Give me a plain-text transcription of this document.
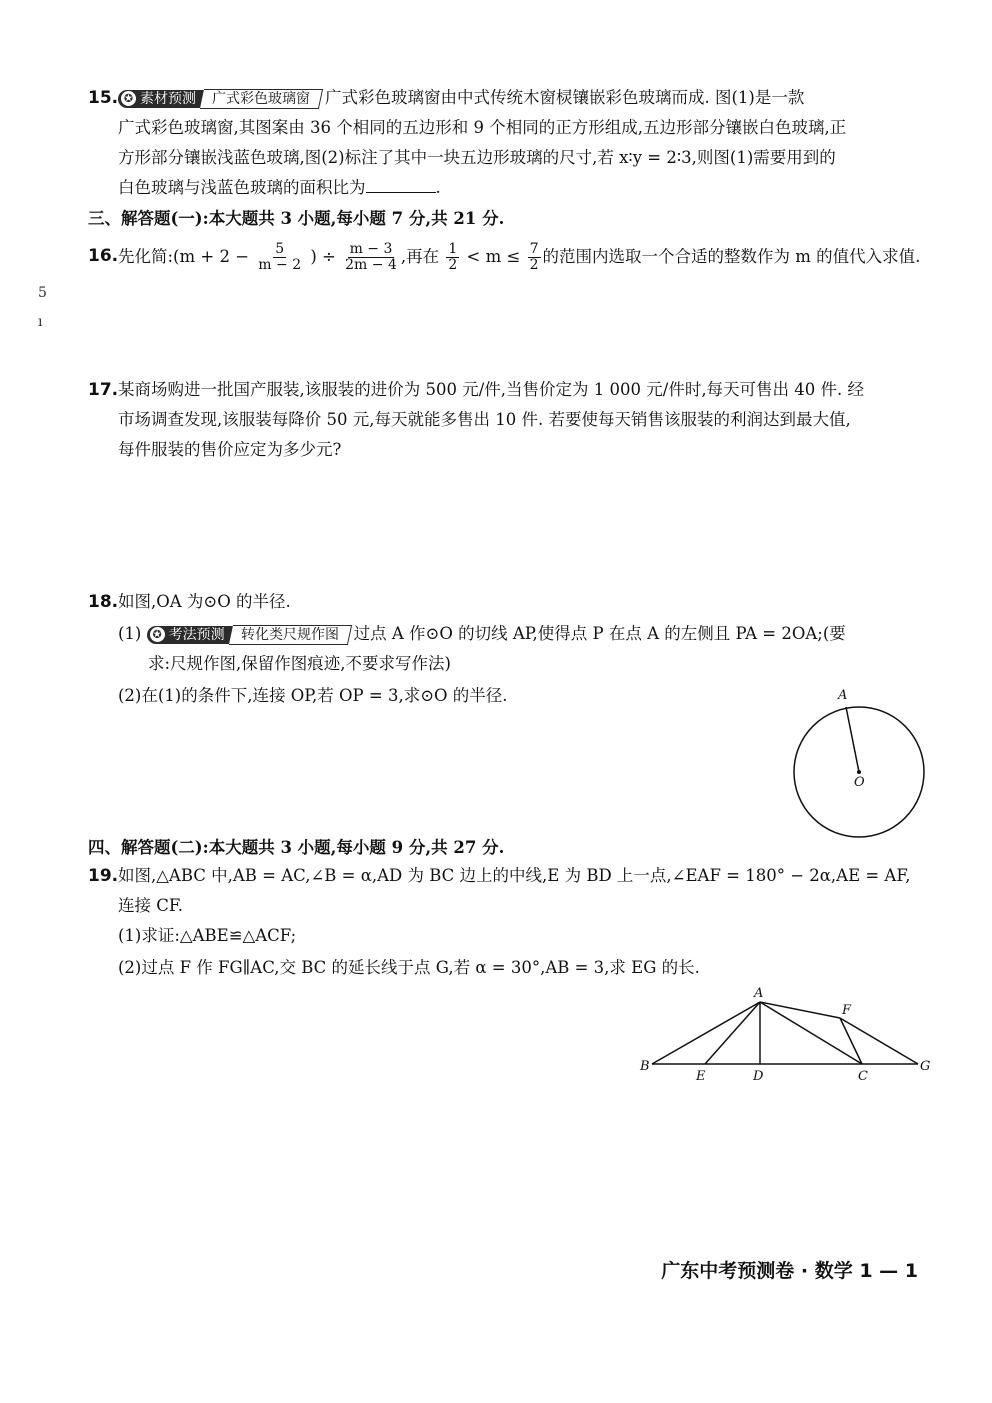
15. ✪ 素材预测 广式彩色玻璃窗 广式彩色玻璃窗由中式传统木窗棂镶嵌彩色玻璃而成. 图(1)是一款
广式彩色玻璃窗,其图案由 36 个相同的五边形和 9 个相同的正方形组成,五边形部分镶嵌白色玻璃,正
方形部分镶嵌浅蓝色玻璃,图(2)标注了其中一块五边形玻璃的尺寸,若 x∶y = 2∶3,则图(1)需要用到的
白色玻璃与浅蓝色玻璃的面积比为	.
三、解答题(一):本大题共 3 小题,每小题 7 分,共 21 分.
16. 先化简:(m + $2 - \frac{5}{m - 2}$ ) ÷ $\frac{m - 3}{2m - 4}$ ,再在 $\frac{1}{2} < m \le \frac{7}{2}$ 的范围内选取一个合适的整数作为 m 的值代入求值.
5
ı
17. 某商场购进一批国产服装,该服装的进价为 500 元/件,当售价定为 1 000 元/件时,每天可售出 40 件. 经
市场调查发现,该服装每降价 50 元,每天就能多售出 10 件. 若要使每天销售该服装的利润达到最大值,
每件服装的售价应定为多少元?
18. 如图,OA 为⊙O 的半径.
(1) ✪ 考法预测 转化类尺规作图 过点 A 作⊙O 的切线 AP,使得点 P 在点 A 的左侧且 PA = 2OA;(要
求:尺规作图,保留作图痕迹,不要求写作法)
(2)在(1)的条件下,连接 OP,若 OP = 3,求⊙O 的半径.	A
O
四、解答题(二):本大题共 3 小题,每小题 9 分,共 27 分.
19. 如图,△ABC 中,AB = AC,∠B = α,AD 为 BC 边上的中线,E 为 BD 上一点,∠EAF = 180° − 2α,AE = AF,
连接 CF.
(1)求证:△ABE≌△ACF;
(2)过点 F 作 FG∥AC,交 BC 的延长线于点 G,若 α = 30°,AB = 3,求 EG 的长.
A
B
E	D	C
F
G
广东中考预测卷 · 数学 1 — 1
